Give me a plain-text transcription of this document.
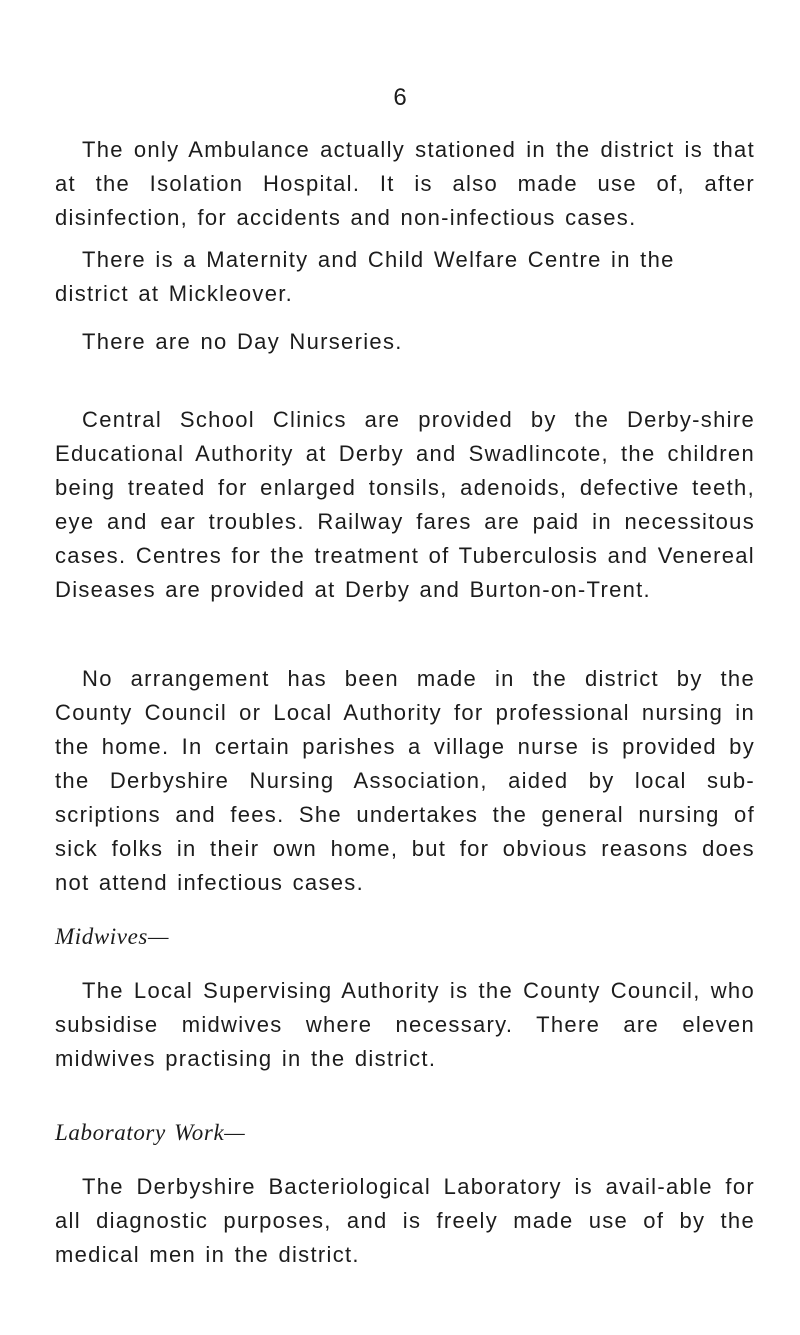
6

The only Ambulance actually stationed in the district is that at the Isolation Hospital. It is also made use of, after disinfection, for accidents and non-infectious cases.

There is a Maternity and Child Welfare Centre in the district at Mickleover.

There are no Day Nurseries.

Central School Clinics are provided by the Derby-shire Educational Authority at Derby and Swadlincote, the children being treated for enlarged tonsils, adenoids, defective teeth, eye and ear troubles. Railway fares are paid in necessitous cases. Centres for the treatment of Tuberculosis and Venereal Diseases are provided at Derby and Burton-on-Trent.

No arrangement has been made in the district by the County Council or Local Authority for professional nursing in the home. In certain parishes a village nurse is provided by the Derbyshire Nursing Association, aided by local sub-scriptions and fees. She undertakes the general nursing of sick folks in their own home, but for obvious reasons does not attend infectious cases.

Midwives—

The Local Supervising Authority is the County Council, who subsidise midwives where necessary. There are eleven midwives practising in the district.

Laboratory Work—

The Derbyshire Bacteriological Laboratory is avail-able for all diagnostic purposes, and is freely made use of by the medical men in the district.
